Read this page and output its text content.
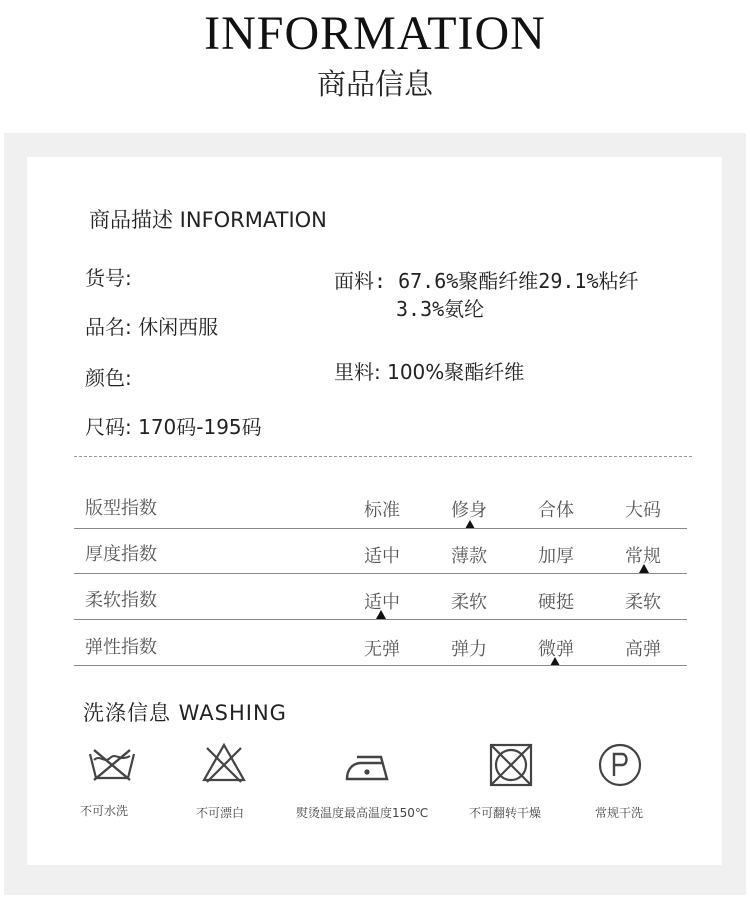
INFORMATION
商品信息
商品描述 INFORMATION
货号:
品名: 休闲西服
颜色:
尺码: 170码-195码
面料: 67.6%聚酯纤维29.1%粘纤
3.3%氨纶
里料: 100%聚酯纤维
版型指数	标准	修身	合体	大码
厚度指数	适中	薄款	加厚	常规
柔软指数	适中	柔软	硬挺	柔软
弹性指数	无弹	弹力	微弹	高弹
洗涤信息 WASHING
不可水洗	不可漂白	熨烫温度最高温度150℃	不可翻转干燥	常规干洗
